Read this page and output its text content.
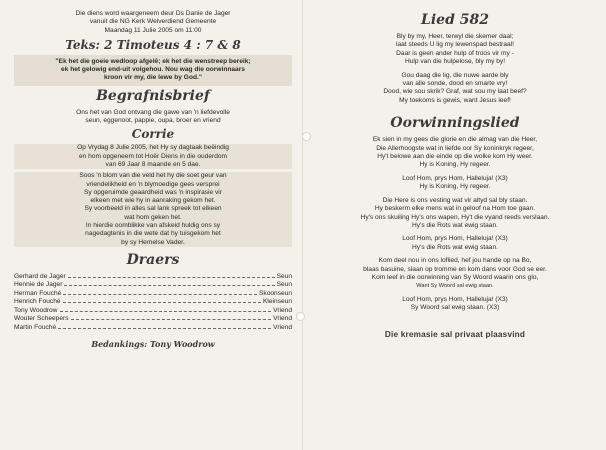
Die diens word waargeneem deur Ds Danie de Jager
vanuit die NG Kerk Welverdiend Gemeente
Maandag 11 Julie 2005 om 11:00
Teks: 2 Timoteus 4 : 7 & 8
"Ek het die goeie wedloop afgelê; ek het die wenstreep bereik;
ek het gelowig end-uit volgehou. Nou wag die oorwinnaars
kroon vir my, die lewe by God."
Begrafnisbrief
Ons het van God ontvang die gawe van 'n liefdevolle
seun, eggenoot, pappie, oupa, broer en vriend
Corrie
Op Vrydag 8 Julie 2005, het Hy sy dagtaak beëindig
en hom opgeneem tot Hoër Diens in die ouderdom
van 69 Jaar 8 maande en 5 dae.
Soos 'n blom van die veld het hy die soet geur van
vriendelikheid en 'n blymoedige gees versprei
Sy opgeruimde geaardheid was 'n inspirasie vir
elkeen met wie hy in aanraking gekom het.
Sy voorbeeld in alles sal lank spreek tot elkeen
wat hom geken het.
In hierdie oomblikke van afskeid huldig ons sy
nagedagtenis in die wete dat hy tuisgekom het
by sy Hemelse Vader.
Draers
Gerhard de Jager	Seun
Hennie de Jager	Seun
Herman Fouché	Skoonseun
Henrich Fouché	Kleinseun
Tony Woodrow	Vriend
Wouter Scheepers	Vriend
Martin Fouché	Vriend
Bedankings: Tony Woodrow
Lied 582
Bly by my, Heer, terwyl die skemer daal;
laat steeds U lig my lewenspad bestraal!
Daar is geen ander hulp of troos vir my -
Hulp van die hulpelose, bly my by!
Gou daag die lig, die nuwe aarde bly
van alle sonde, dood en smarte vry!
Dood, wie sou skrik? Graf, wat sou my laat beef?
My toekoms is gewis, want Jesus leef!
Oorwinningslied
Ek sien in my gees die glorie en die almag van die Heer,
Die Allerhoogste wat in liefde oor Sy koninkryk regeer,
Hy't belowe aan die einde op die wolke kom Hy weer.
Hy is Koning, Hy regeer.
Loof Hom, prys Hom, Halleluja! (X3)
Hy is Koning, Hy regeer.
Die Here is ons vesting wat vir altyd sal bly staan.
Hy beskerm elke mens wat in geloof na Hom toe gaan.
Hy's ons skuiling Hy's ons wapen, Hy't die vyand reeds verslaan.
Hy's die Rots wat ewig staan.
Loof Hom, prys Hom, Halleluja! (X3)
Hy's die Rots wat ewig staan.
Kom deel nou in ons loflied, hef jou hande op na Bo,
blaas basuine, slaan op tromme en kom dans voor God se eer.
Kom leef in die oorwinning van Sy Woord waarin ons glo,
Want Sy Woord sal ewig staan.
Loof Hom, prys Hom, Halleluja! (X3)
Sy Woord sal ewig staan. (X3)
Die kremasie sal privaat plaasvind
